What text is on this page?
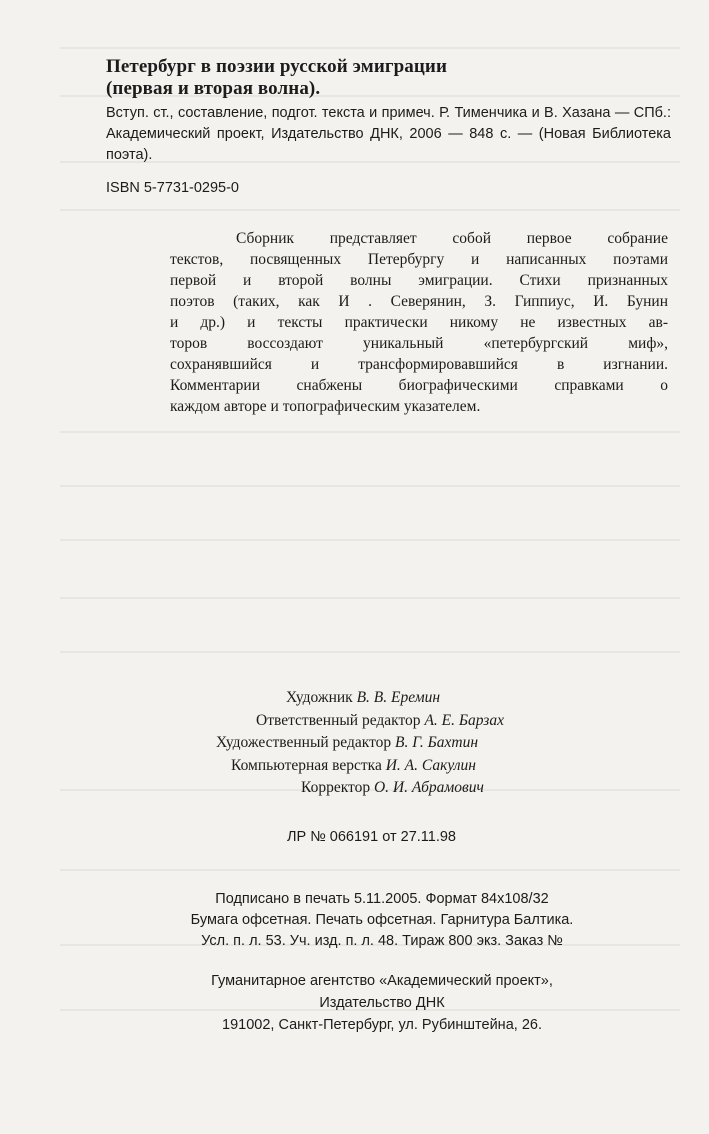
Петербург в поэзии русской эмиграции
(первая и вторая волна).
Вступ. ст., составление, подгот. текста и примеч. Р. Тименчика и В. Хазана — СПб.: Академический проект, Издательство ДНК, 2006 — 848 с. — (Новая Библиотека поэта).
ISBN 5-7731-0295-0
Сборник представляет собой первое собрание
текстов, посвященных Петербургу и написанных поэтами
первой и второй волны эмиграции. Стихи признанных
поэтов (таких, как И . Северянин, З. Гиппиус, И. Бунин
и др.) и тексты практически никому не известных ав-
торов воссоздают уникальный «петербургский миф»,
сохранявшийся и трансформировавшийся в изгнании.
Комментарии снабжены биографическими справками о
каждом авторе и топографическим указателем.
Художник В. В. Еремин
Ответственный редактор А. Е. Барзах
Художественный редактор В. Г. Бахтин
Компьютерная верстка И. А. Сакулин
Корректор О. И. Абрамович
ЛР № 066191 от 27.11.98
Подписано в печать 5.11.2005. Формат 84x108/32
Бумага офсетная. Печать офсетная. Гарнитура Балтика.
Усл. п. л. 53. Уч. изд. п. л. 48. Тираж 800 экз. Заказ №
Гуманитарное агентство «Академический проект»,
Издательство ДНК
191002, Санкт-Петербург, ул. Рубинштейна, 26.
